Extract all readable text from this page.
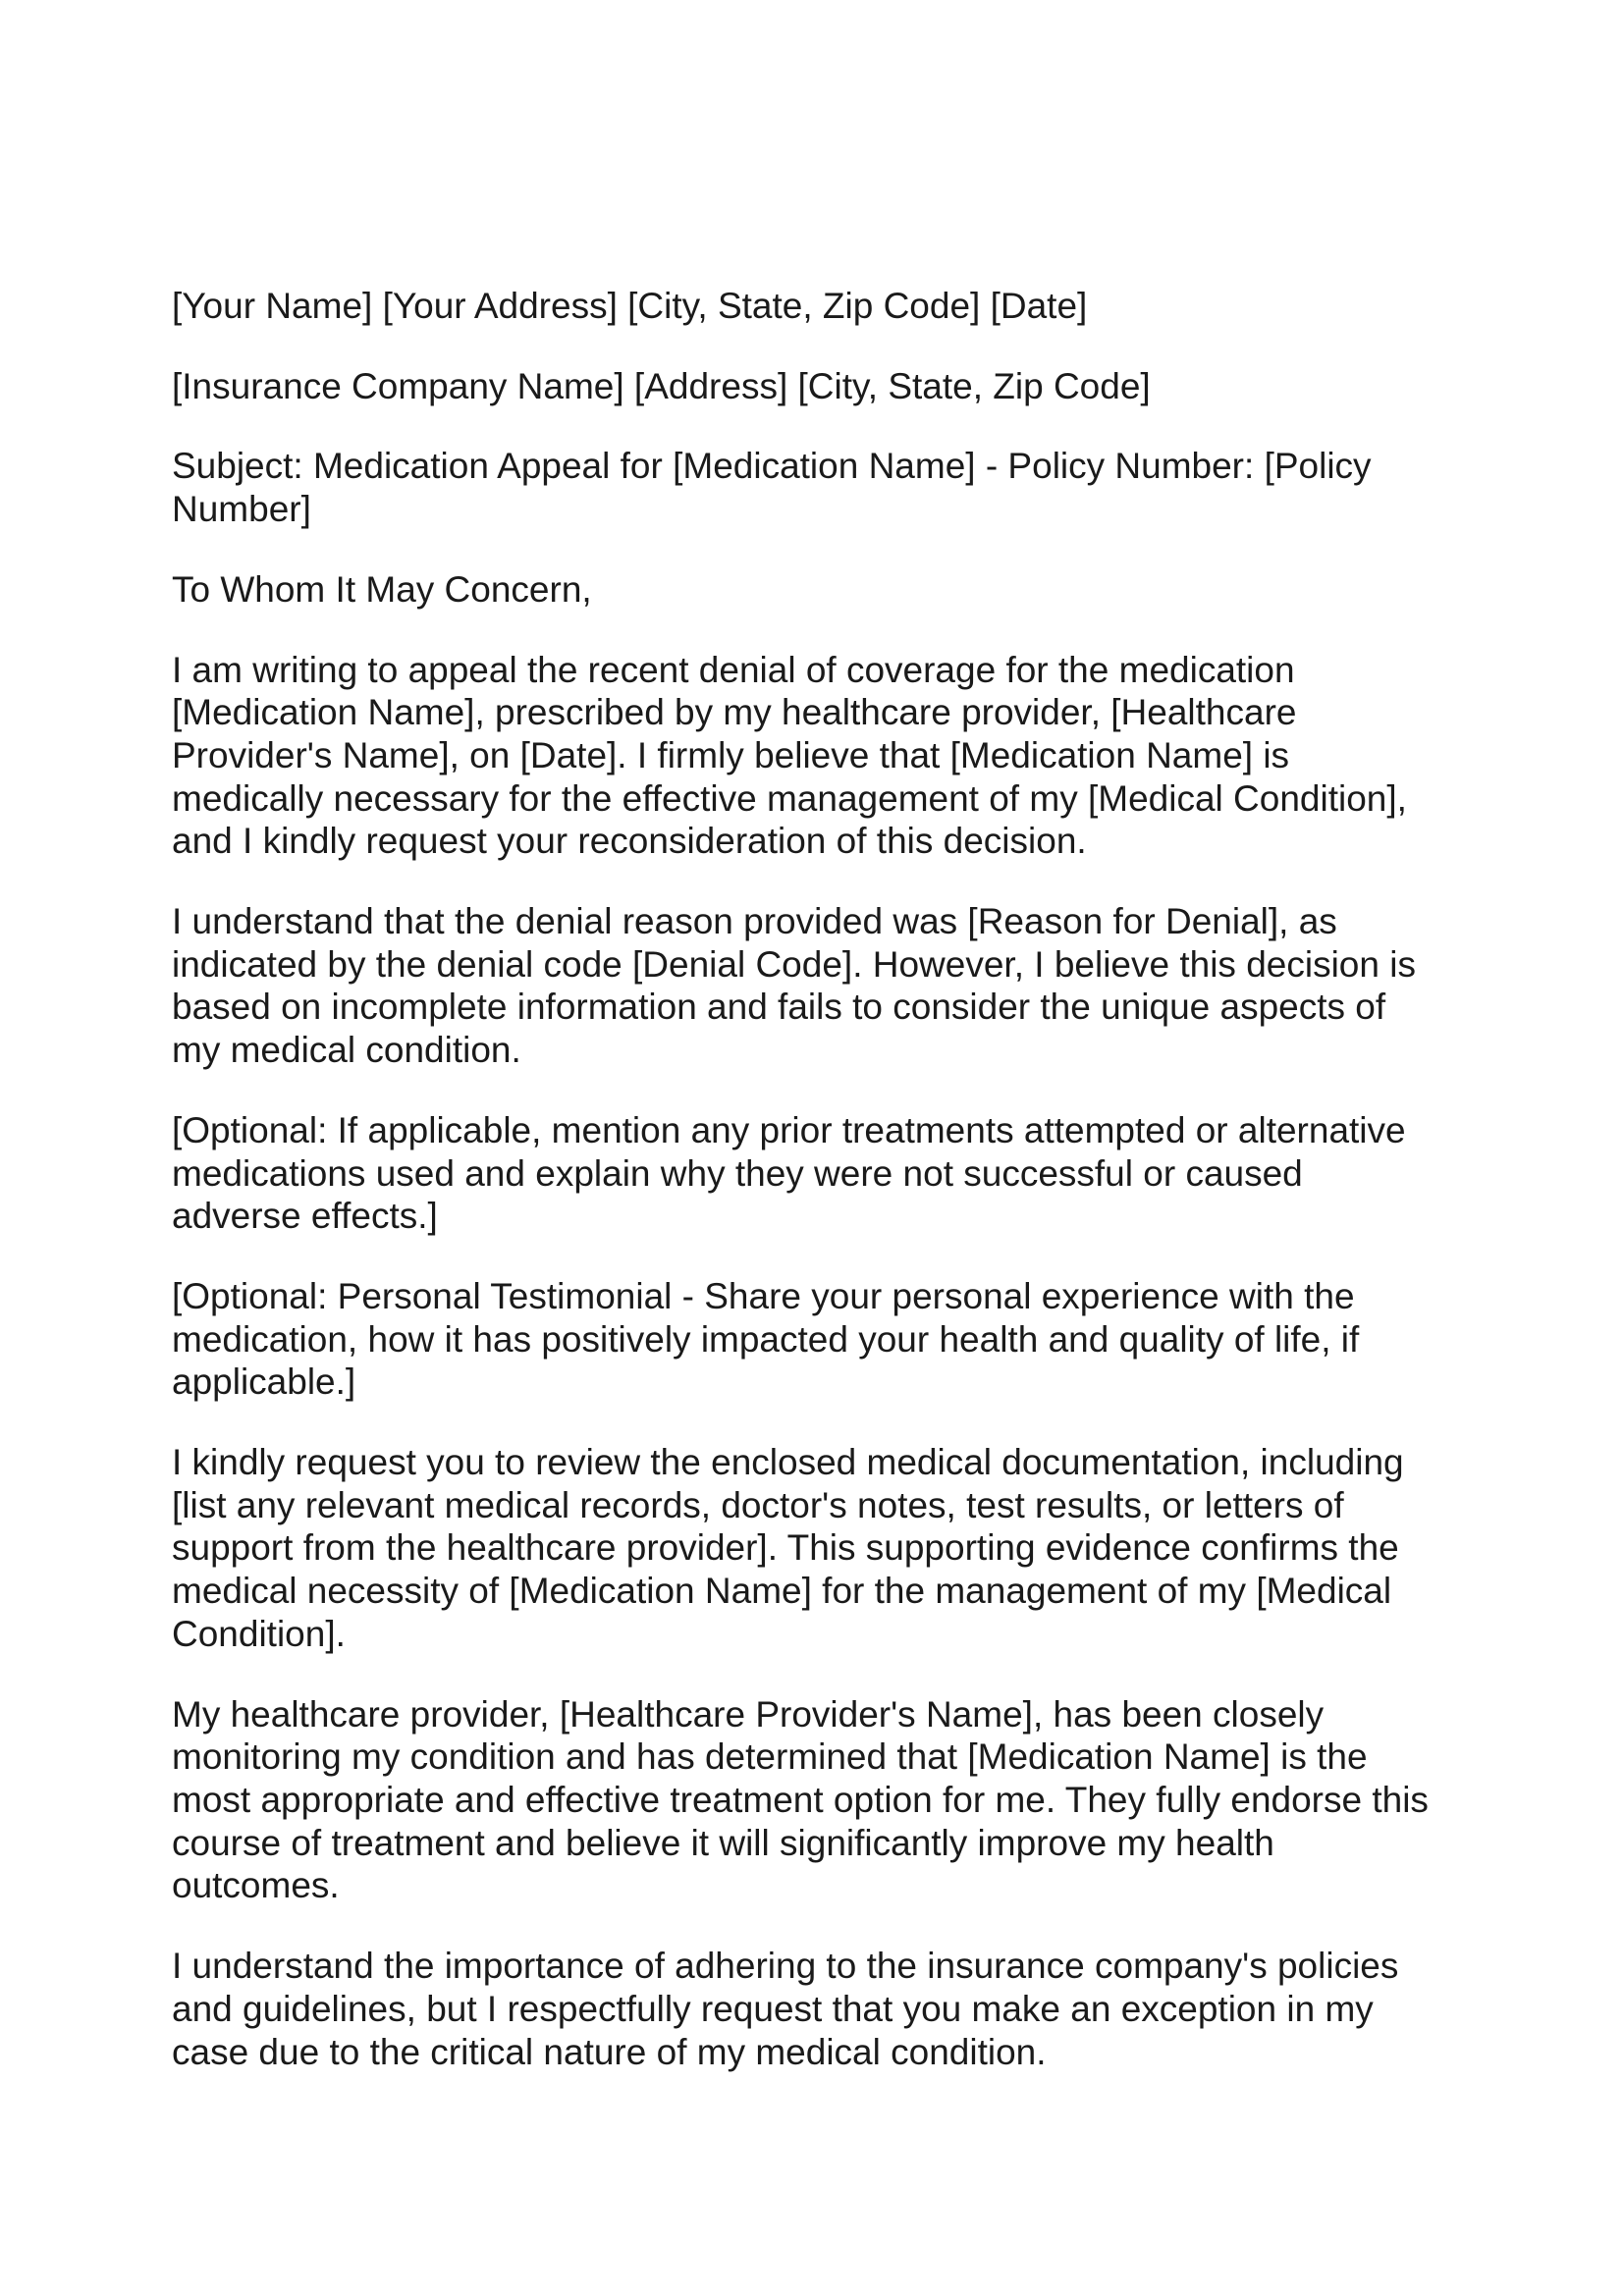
[Your Name] [Your Address] [City, State, Zip Code] [Date]

[Insurance Company Name] [Address] [City, State, Zip Code]

Subject: Medication Appeal for [Medication Name] - Policy Number: [Policy
Number]

To Whom It May Concern,

I am writing to appeal the recent denial of coverage for the medication
[Medication Name], prescribed by my healthcare provider, [Healthcare
Provider's Name], on [Date]. I firmly believe that [Medication Name] is
medically necessary for the effective management of my [Medical Condition],
and I kindly request your reconsideration of this decision.

I understand that the denial reason provided was [Reason for Denial], as
indicated by the denial code [Denial Code]. However, I believe this decision is
based on incomplete information and fails to consider the unique aspects of
my medical condition.

[Optional: If applicable, mention any prior treatments attempted or alternative
medications used and explain why they were not successful or caused
adverse effects.]

[Optional: Personal Testimonial - Share your personal experience with the
medication, how it has positively impacted your health and quality of life, if
applicable.]

I kindly request you to review the enclosed medical documentation, including
[list any relevant medical records, doctor's notes, test results, or letters of
support from the healthcare provider]. This supporting evidence confirms the
medical necessity of [Medication Name] for the management of my [Medical
Condition].

My healthcare provider, [Healthcare Provider's Name], has been closely
monitoring my condition and has determined that [Medication Name] is the
most appropriate and effective treatment option for me. They fully endorse this
course of treatment and believe it will significantly improve my health
outcomes.

I understand the importance of adhering to the insurance company's policies
and guidelines, but I respectfully request that you make an exception in my
case due to the critical nature of my medical condition.
